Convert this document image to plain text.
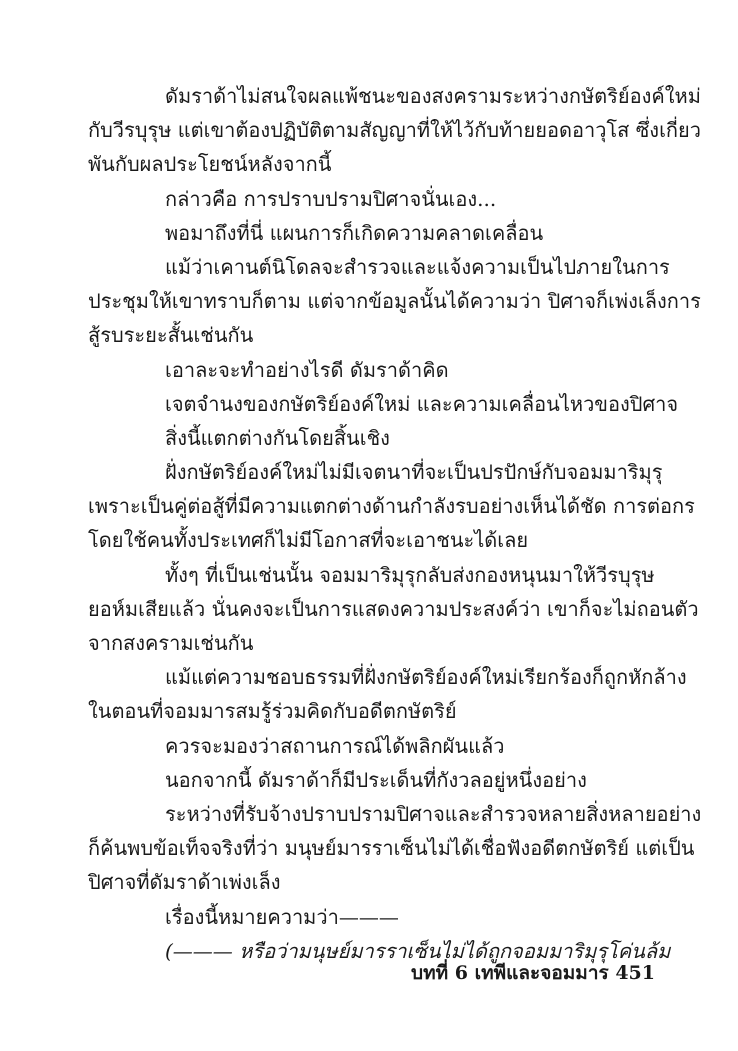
ดัมราด้าไม่สนใจผลแพ้ชนะของสงครามระหว่างกษัตริย์องค์ใหม่
กับวีรบุรุษ แต่เขาต้องปฏิบัติตามสัญญาที่ให้ไว้กับท้ายยอดอาวุโส ซึ่งเกี่ยว
พันกับผลประโยชน์หลังจากนี้
กล่าวคือ การปราบปรามปิศาจนั่นเอง...
พอมาถึงที่นี่ แผนการก็เกิดความคลาดเคลื่อน
แม้ว่าเคานต์นิโดลจะสำรวจและแจ้งความเป็นไปภายในการ
ประชุมให้เขาทราบก็ตาม แต่จากข้อมูลนั้นได้ความว่า ปิศาจก็เพ่งเล็งการ
สู้รบระยะสั้นเช่นกัน
เอาละจะทำอย่างไรดี ดัมราด้าคิด
เจตจำนงของกษัตริย์องค์ใหม่ และความเคลื่อนไหวของปิศาจ
สิ่งนี้แตกต่างกันโดยสิ้นเชิง
ฝั่งกษัตริย์องค์ใหม่ไม่มีเจตนาที่จะเป็นปรปักษ์กับจอมมาริมุรุ
เพราะเป็นคู่ต่อสู้ที่มีความแตกต่างด้านกำลังรบอย่างเห็นได้ชัด การต่อกร
โดยใช้คนทั้งประเทศก็ไม่มีโอกาสที่จะเอาชนะได้เลย
ทั้งๆ ที่เป็นเช่นนั้น จอมมาริมุรุกลับส่งกองหนุนมาให้วีรบุรุษ
ยอห์มเสียแล้ว นั่นคงจะเป็นการแสดงความประสงค์ว่า เขาก็จะไม่ถอนตัว
จากสงครามเช่นกัน
แม้แต่ความชอบธรรมที่ฝั่งกษัตริย์องค์ใหม่เรียกร้องก็ถูกหักล้าง
ในตอนที่จอมมารสมรู้ร่วมคิดกับอดีตกษัตริย์
ควรจะมองว่าสถานการณ์ได้พลิกผันแล้ว
นอกจากนี้ ดัมราด้าก็มีประเด็นที่กังวลอยู่หนึ่งอย่าง
ระหว่างที่รับจ้างปราบปรามปิศาจและสำรวจหลายสิ่งหลายอย่าง
ก็ค้นพบข้อเท็จจริงที่ว่า มนุษย์มารราเซ็นไม่ได้เชื่อฟังอดีตกษัตริย์ แต่เป็น
ปิศาจที่ดัมราด้าเพ่งเล็ง
เรื่องนี้หมายความว่า———
(——— หรือว่ามนุษย์มารราเซ็นไม่ได้ถูกจอมมาริมุรุโค่นล้ม
บทที่ 6 เทพีและจอมมาร 451
